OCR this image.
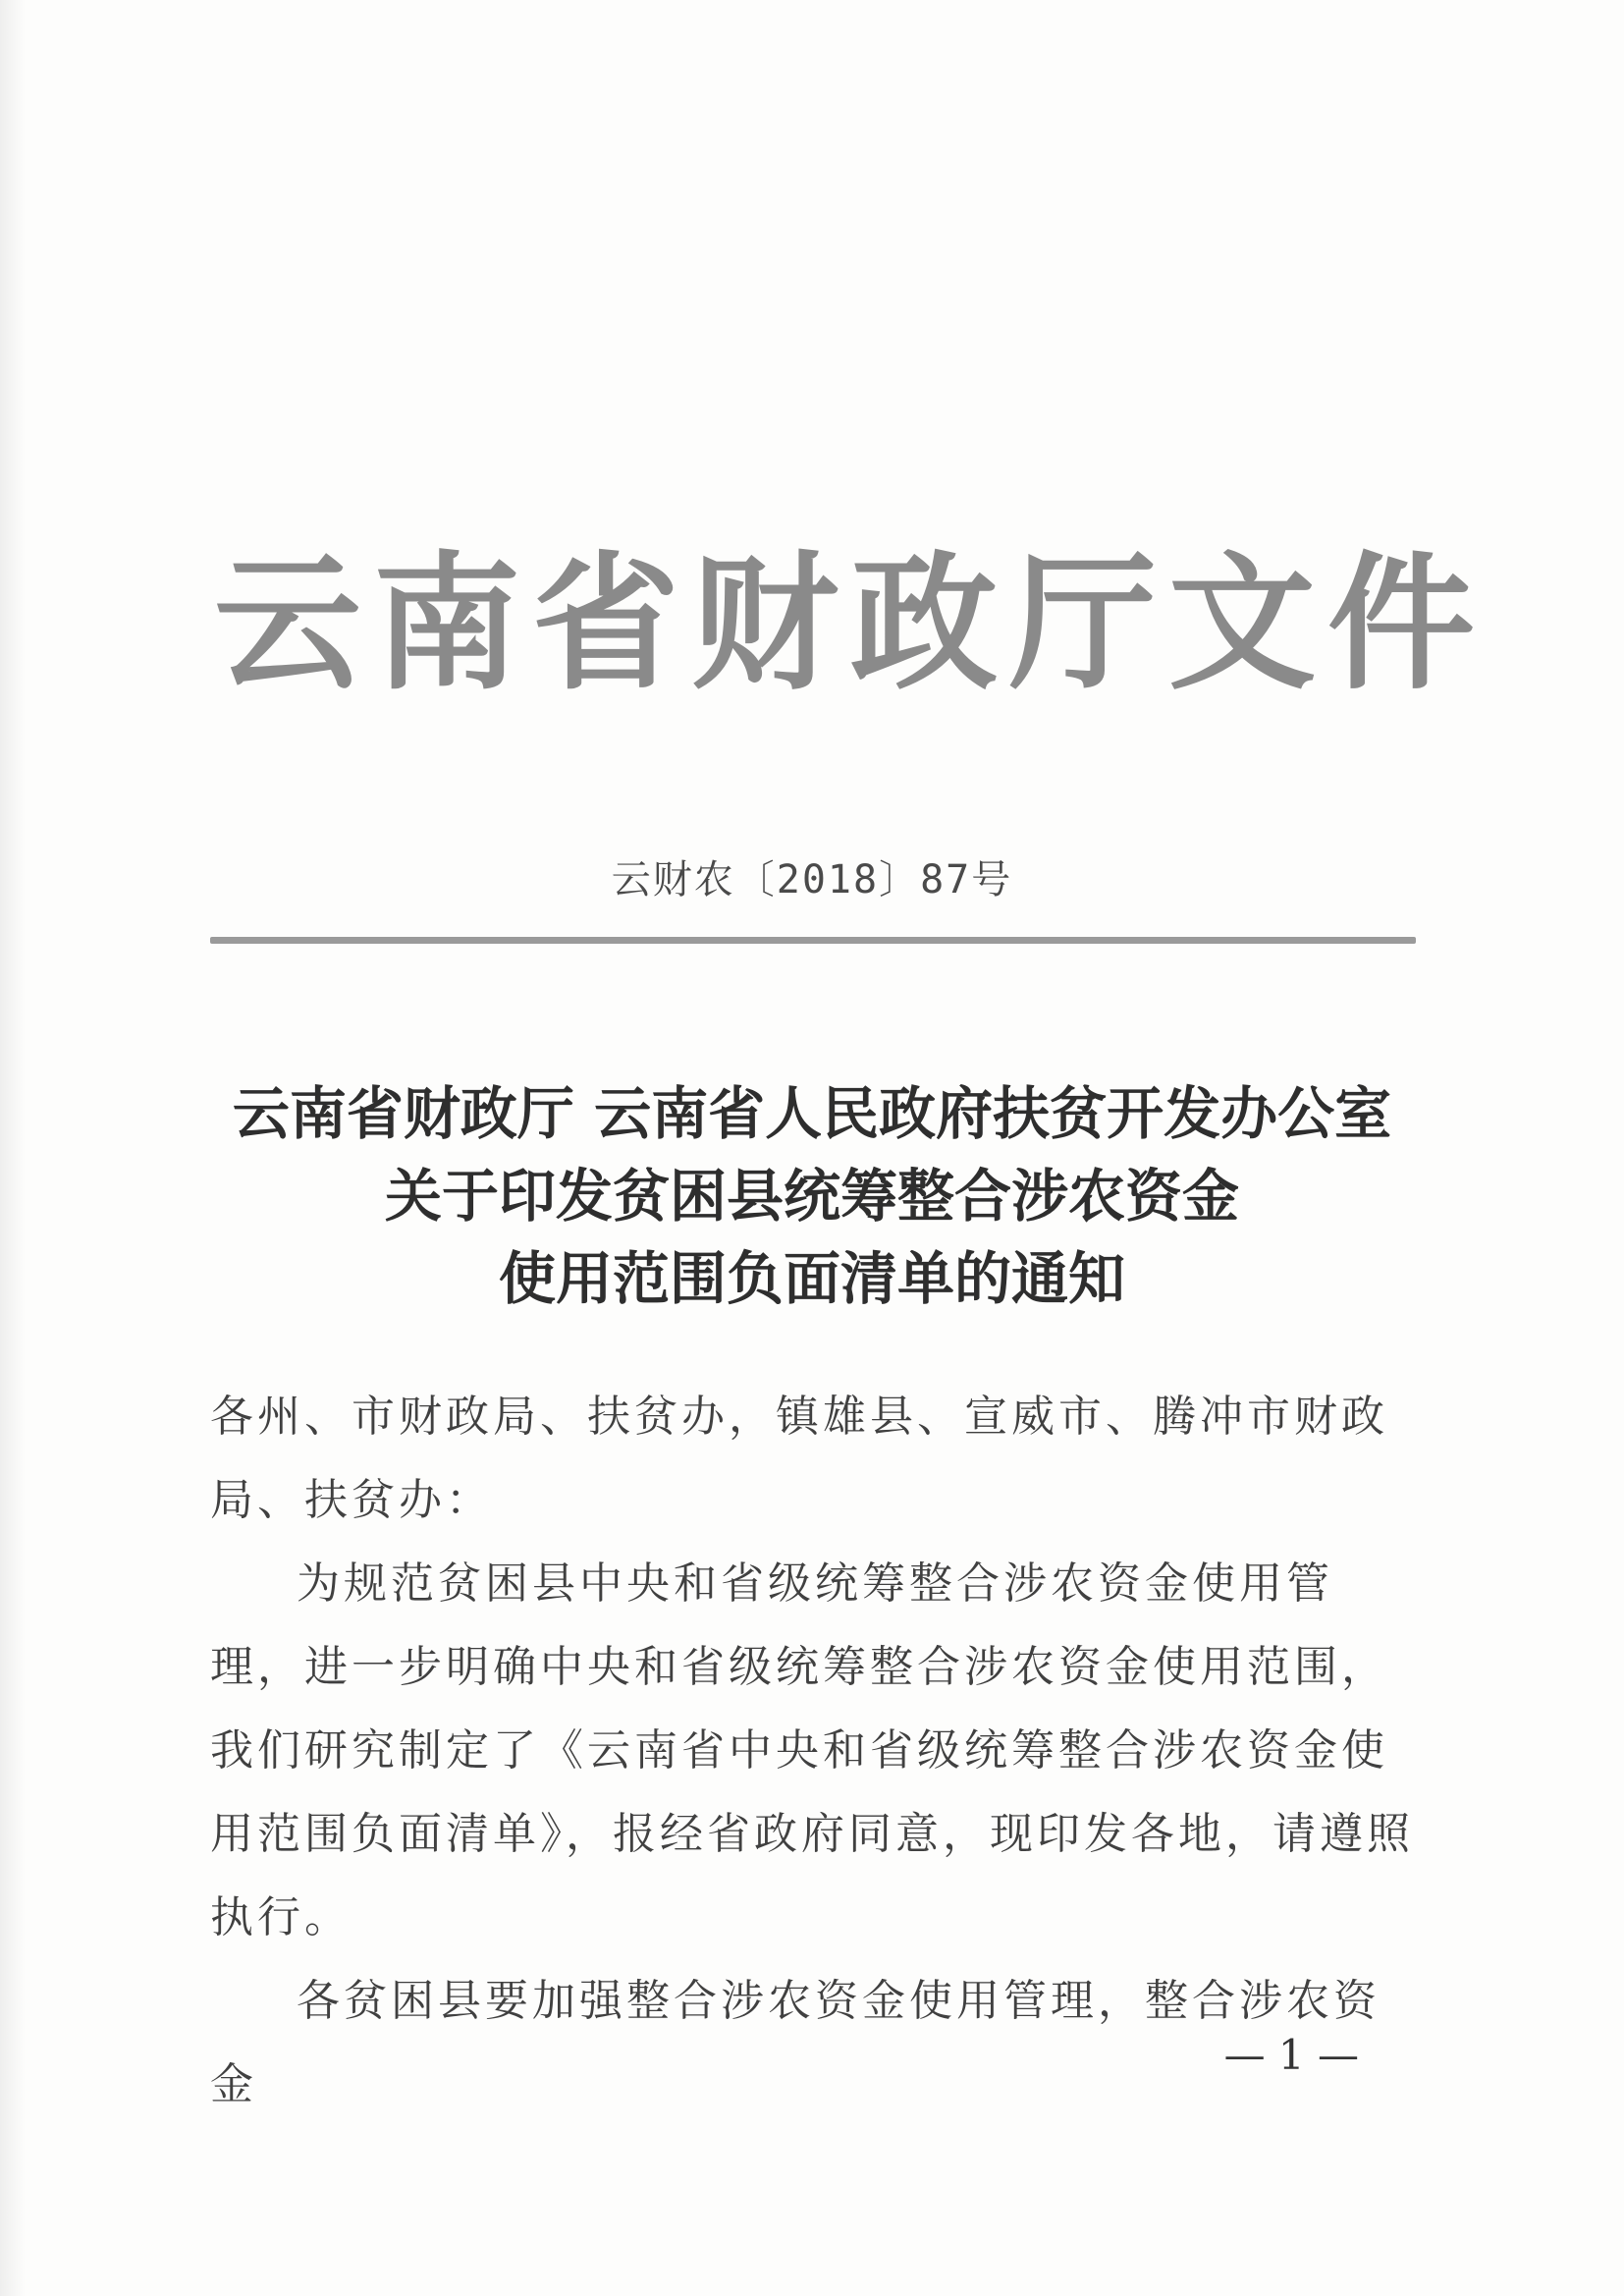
云南省财政厅文件
云财农〔2018〕87号
云南省财政厅 云南省人民政府扶贫开发办公室
关于印发贫困县统筹整合涉农资金
使用范围负面清单的通知

各州、市财政局、扶贫办，镇雄县、宣威市、腾冲市财政局、扶贫办：

为规范贫困县中央和省级统筹整合涉农资金使用管理，进一步明确中央和省级统筹整合涉农资金使用范围，我们研究制定了《云南省中央和省级统筹整合涉农资金使用范围负面清单》，报经省政府同意，现印发各地，请遵照执行。

各贫困县要加强整合涉农资金使用管理，整合涉农资金

— 1 —
